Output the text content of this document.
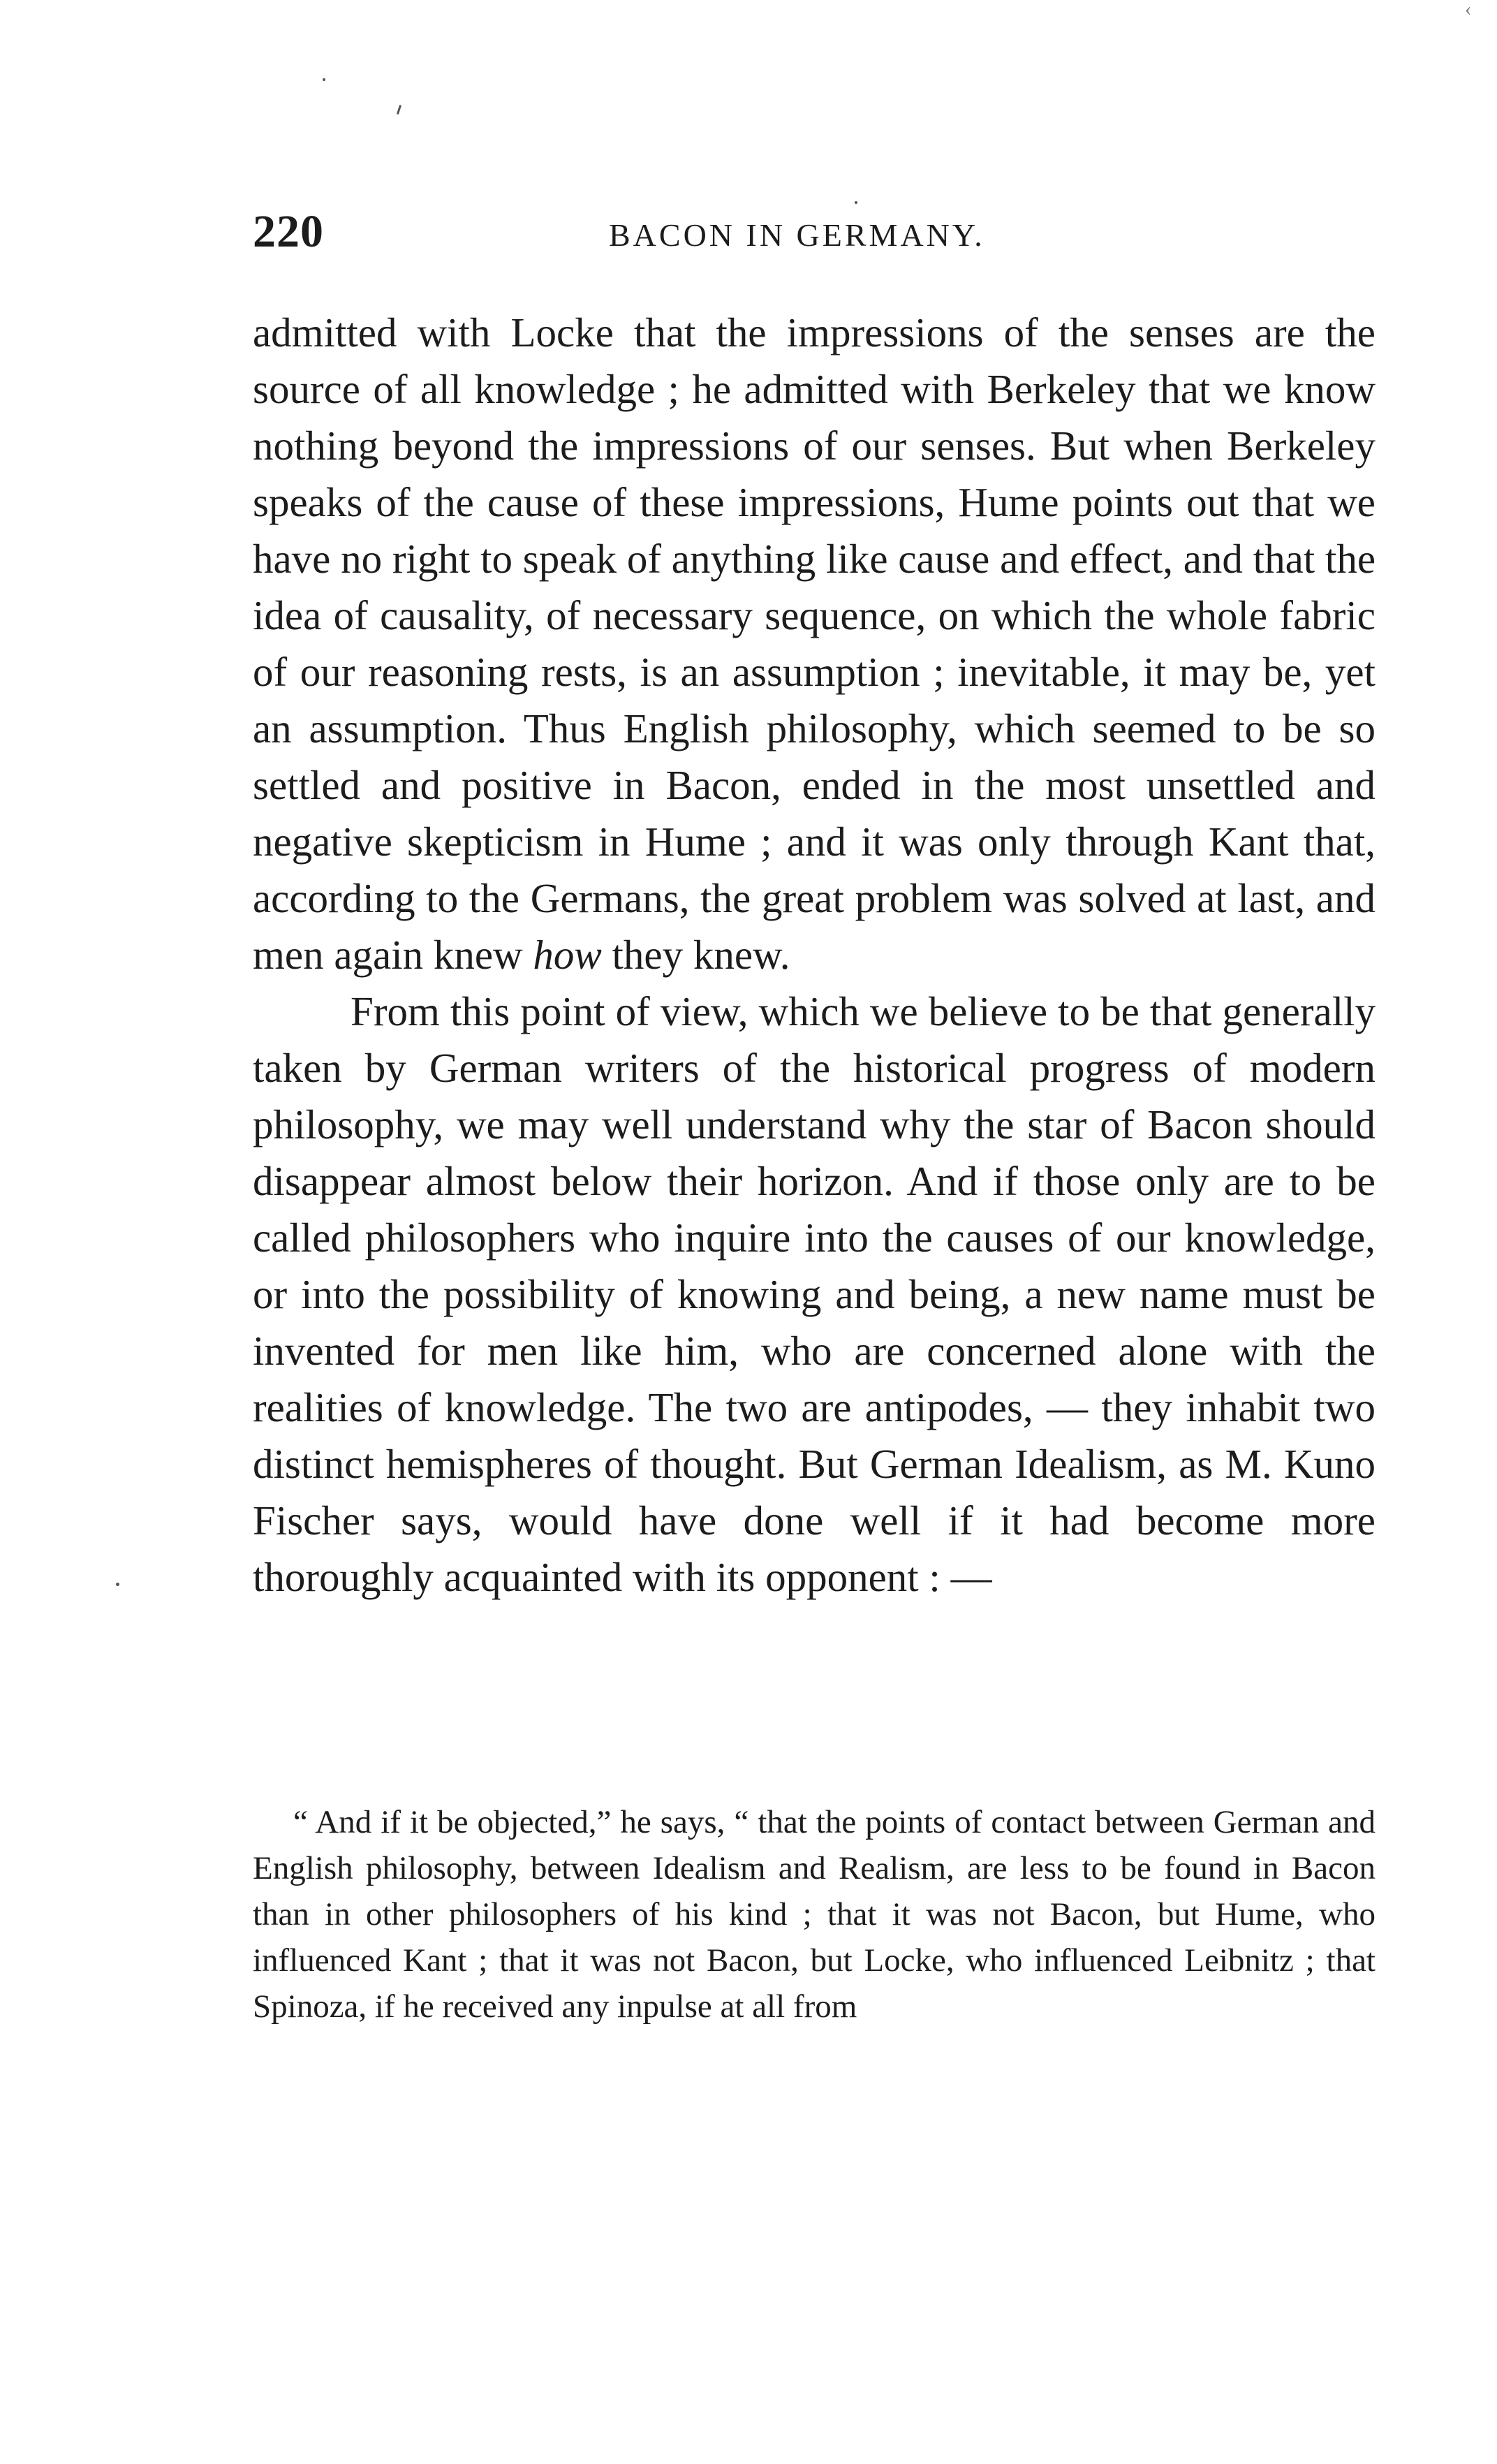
‹
220	BACON IN GERMANY.

admitted with Locke that the impressions of the senses are the source of all knowledge ; he admitted with Berkeley that we know nothing beyond the impressions of our senses. But when Berkeley speaks of the cause of these impressions, Hume points out that we have no right to speak of anything like cause and effect, and that the idea of causality, of necessary sequence, on which the whole fabric of our reasoning rests, is an assumption ; inevitable, it may be, yet an assumption. Thus English philosophy, which seemed to be so settled and positive in Bacon, ended in the most unsettled and negative skepticism in Hume ; and it was only through Kant that, according to the Germans, the great problem was solved at last, and men again knew how they knew.

From this point of view, which we believe to be that generally taken by German writers of the historical progress of modern philosophy, we may well understand why the star of Bacon should disappear almost below their horizon. And if those only are to be called philosophers who inquire into the causes of our knowledge, or into the possibility of knowing and being, a new name must be invented for men like him, who are concerned alone with the realities of knowledge. The two are antipodes, — they inhabit two distinct hemispheres of thought. But German Idealism, as M. Kuno Fischer says, would have done well if it had become more thoroughly acquainted with its opponent : —

“ And if it be objected,” he says, “ that the points of contact between German and English philosophy, between Idealism and Realism, are less to be found in Bacon than in other philosophers of his kind ; that it was not Bacon, but Hume, who influenced Kant ; that it was not Bacon, but Locke, who influenced Leibnitz ; that Spinoza, if he received any inpulse at all from
